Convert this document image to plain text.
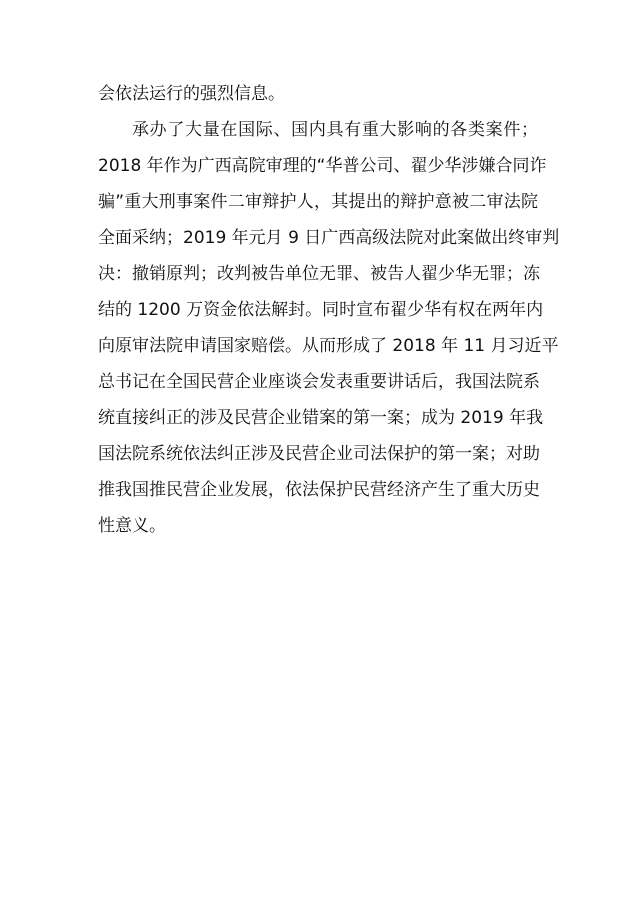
会依法运行的强烈信息。
承办了大量在国际、国内具有重大影响的各类案件；
2018 年作为广西高院审理的“华普公司、翟少华涉嫌合同诈
骗”重大刑事案件二审辩护人，其提出的辩护意被二审法院
全面采纳；2019 年元月 9 日广西高级法院对此案做出终审判
决：撤销原判；改判被告单位无罪、被告人翟少华无罪；冻
结的 1200 万资金依法解封。同时宣布翟少华有权在两年内
向原审法院申请国家赔偿。从而形成了 2018 年 11 月习近平
总书记在全国民营企业座谈会发表重要讲话后，我国法院系
统直接纠正的涉及民营企业错案的第一案；成为 2019 年我
国法院系统依法纠正涉及民营企业司法保护的第一案；对助
推我国推民营企业发展，依法保护民营经济产生了重大历史
性意义。
